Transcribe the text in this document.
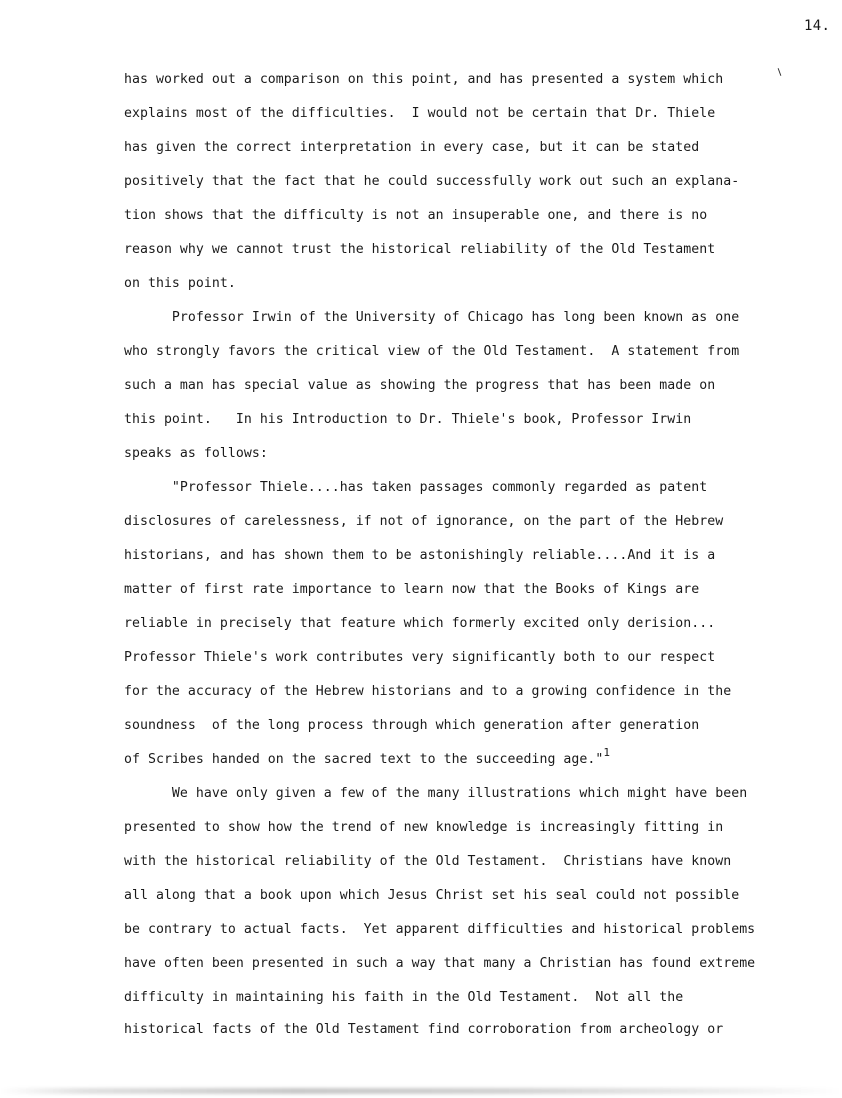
14.
has worked out a comparison on this point, and has presented a system which
explains most of the difficulties.  I would not be certain that Dr. Thiele
has given the correct interpretation in every case, but it can be stated
positively that the fact that he could successfully work out such an explana-
tion shows that the difficulty is not an insuperable one, and there is no
reason why we cannot trust the historical reliability of the Old Testament
on this point.
Professor Irwin of the University of Chicago has long been known as one
who strongly favors the critical view of the Old Testament.  A statement from
such a man has special value as showing the progress that has been made on
this point.   In his Introduction to Dr. Thiele's book, Professor Irwin
speaks as follows:
"Professor Thiele....has taken passages commonly regarded as patent
disclosures of carelessness, if not of ignorance, on the part of the Hebrew
historians, and has shown them to be astonishingly reliable....And it is a
matter of first rate importance to learn now that the Books of Kings are
reliable in precisely that feature which formerly excited only derision...
Professor Thiele's work contributes very significantly both to our respect
for the accuracy of the Hebrew historians and to a growing confidence in the
soundness  of the long process through which generation after generation
of Scribes handed on the sacred text to the succeeding age."$^1$
We have only given a few of the many illustrations which might have been
presented to show how the trend of new knowledge is increasingly fitting in
with the historical reliability of the Old Testament.  Christians have known
all along that a book upon which Jesus Christ set his seal could not possible
be contrary to actual facts.  Yet apparent difficulties and historical problems
have often been presented in such a way that many a Christian has found extreme
difficulty in maintaining his faith in the Old Testament.  Not all the
historical facts of the Old Testament find corroboration from archeology or
